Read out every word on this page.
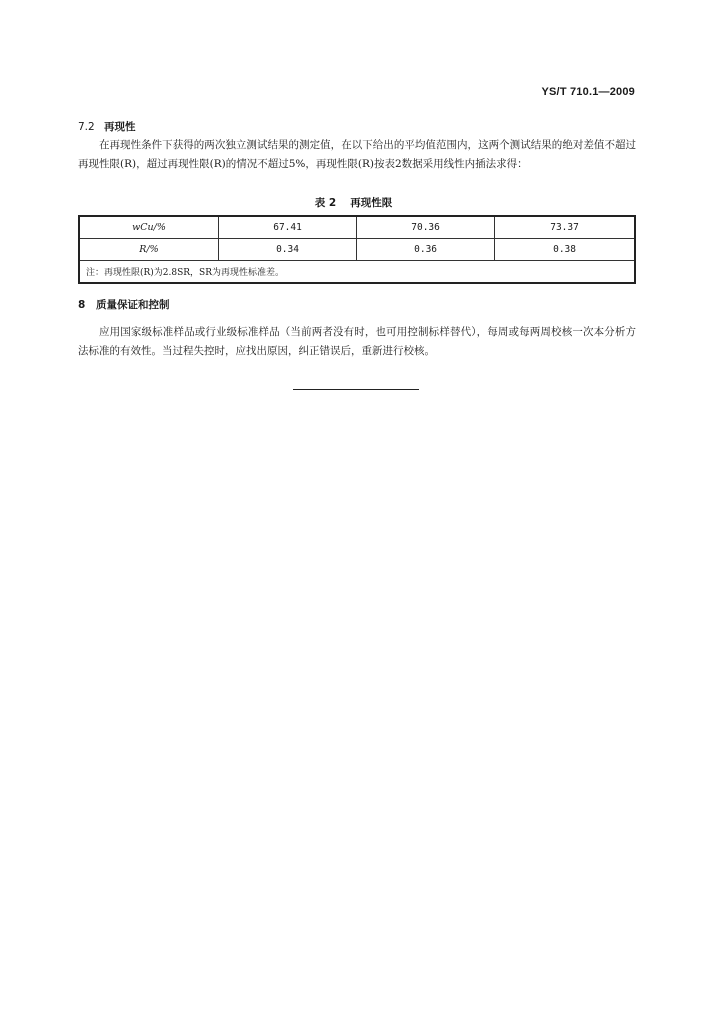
YS/T 710.1—2009
7.2 再现性
在再现性条件下获得的两次独立测试结果的测定值，在以下给出的平均值范围内，这两个测试结果的绝对差值不超过再现性限(R)，超过再现性限(R)的情况不超过5%，再现性限(R)按表2数据采用线性内插法求得：
表 2 再现性限
wCu/%	67.41	70.36	73.37
R/%	0.34	0.36	0.38
注：再现性限(R)为2.8SR，SR为再现性标准差。			
8 质量保证和控制
应用国家级标准样品或行业级标准样品（当前两者没有时，也可用控制标样替代），每周或每两周校核一次本分析方法标准的有效性。当过程失控时，应找出原因，纠正错误后，重新进行校核。
